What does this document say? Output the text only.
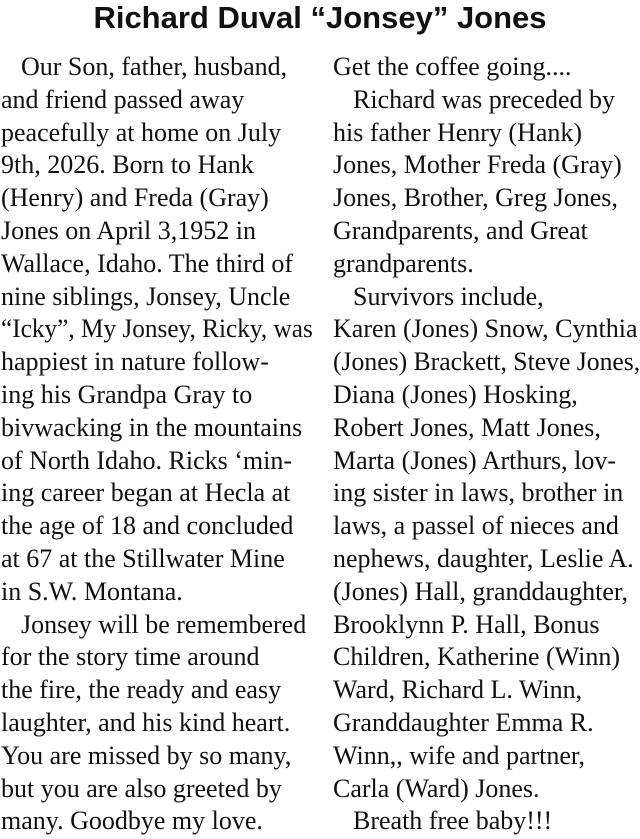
Richard Duval “Jonsey” Jones
Our Son, father, husband,
and friend passed away
peacefully at home on July
9th, 2026. Born to Hank
(Henry) and Freda (Gray)
Jones on April 3,1952 in
Wallace, Idaho. The third of
nine siblings, Jonsey, Uncle
“Icky”, My Jonsey, Ricky, was
happiest in nature follow-
ing his Grandpa Gray to
bivwacking in the mountains
of North Idaho. Ricks ‘min-
ing career began at Hecla at
the age of 18 and concluded
at 67 at the Stillwater Mine
in S.W. Montana.
Jonsey will be remembered
for the story time around
the fire, the ready and easy
laughter, and his kind heart.
You are missed by so many,
but you are also greeted by
many. Goodbye my love.
Get the coffee going....
Richard was preceded by
his father Henry (Hank)
Jones, Mother Freda (Gray)
Jones, Brother, Greg Jones,
Grandparents, and Great
grandparents.
Survivors include,
Karen (Jones) Snow, Cynthia
(Jones) Brackett, Steve Jones,
Diana (Jones) Hosking,
Robert Jones, Matt Jones,
Marta (Jones) Arthurs, lov-
ing sister in laws, brother in
laws, a passel of nieces and
nephews, daughter, Leslie A.
(Jones) Hall, granddaughter,
Brooklynn P. Hall, Bonus
Children, Katherine (Winn)
Ward, Richard L. Winn,
Granddaughter Emma R.
Winn,, wife and partner,
Carla (Ward) Jones.
Breath free baby!!!
